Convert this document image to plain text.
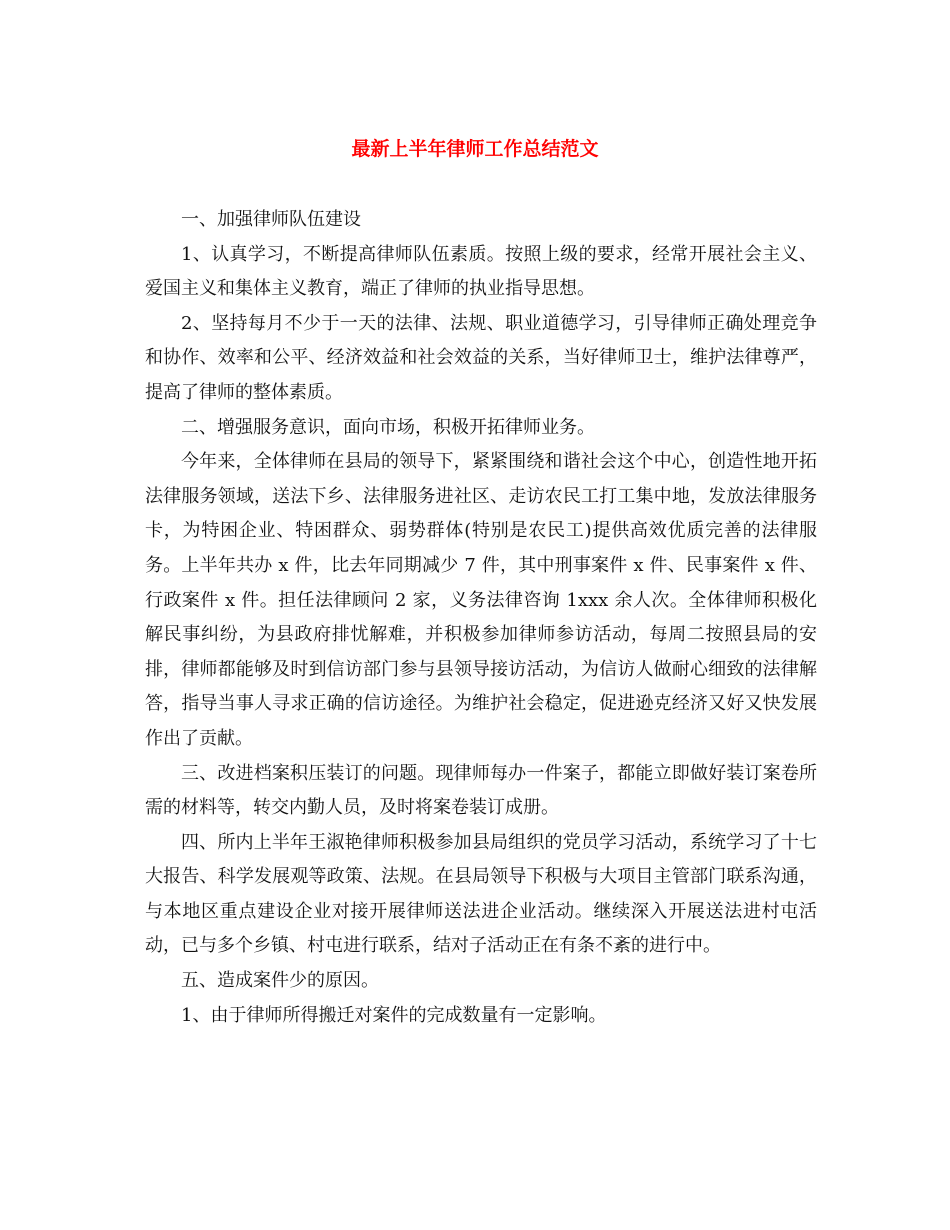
最新上半年律师工作总结范文

一、加强律师队伍建设

1、认真学习，不断提高律师队伍素质。按照上级的要求，经常开展社会主义、爱国主义和集体主义教育，端正了律师的执业指导思想。

2、坚持每月不少于一天的法律、法规、职业道德学习，引导律师正确处理竞争和协作、效率和公平、经济效益和社会效益的关系，当好律师卫士，维护法律尊严，提高了律师的整体素质。

二、增强服务意识，面向市场，积极开拓律师业务。

今年来，全体律师在县局的领导下，紧紧围绕和谐社会这个中心，创造性地开拓法律服务领域，送法下乡、法律服务进社区、走访农民工打工集中地，发放法律服务卡，为特困企业、特困群众、弱势群体(特别是农民工)提供高效优质完善的法律服务。上半年共办 x 件，比去年同期减少 7 件，其中刑事案件 x 件、民事案件 x 件、行政案件 x 件。担任法律顾问 2 家，义务法律咨询 1xxx 余人次。全体律师积极化解民事纠纷，为县政府排忧解难，并积极参加律师参访活动，每周二按照县局的安排，律师都能够及时到信访部门参与县领导接访活动，为信访人做耐心细致的法律解答，指导当事人寻求正确的信访途径。为维护社会稳定，促进逊克经济又好又快发展作出了贡献。

三、改进档案积压装订的问题。现律师每办一件案子，都能立即做好装订案卷所需的材料等，转交内勤人员，及时将案卷装订成册。

四、所内上半年王淑艳律师积极参加县局组织的党员学习活动，系统学习了十七大报告、科学发展观等政策、法规。在县局领导下积极与大项目主管部门联系沟通，与本地区重点建设企业对接开展律师送法进企业活动。继续深入开展送法进村屯活动，已与多个乡镇、村屯进行联系，结对子活动正在有条不紊的进行中。

五、造成案件少的原因。

1、由于律师所得搬迁对案件的完成数量有一定影响。
